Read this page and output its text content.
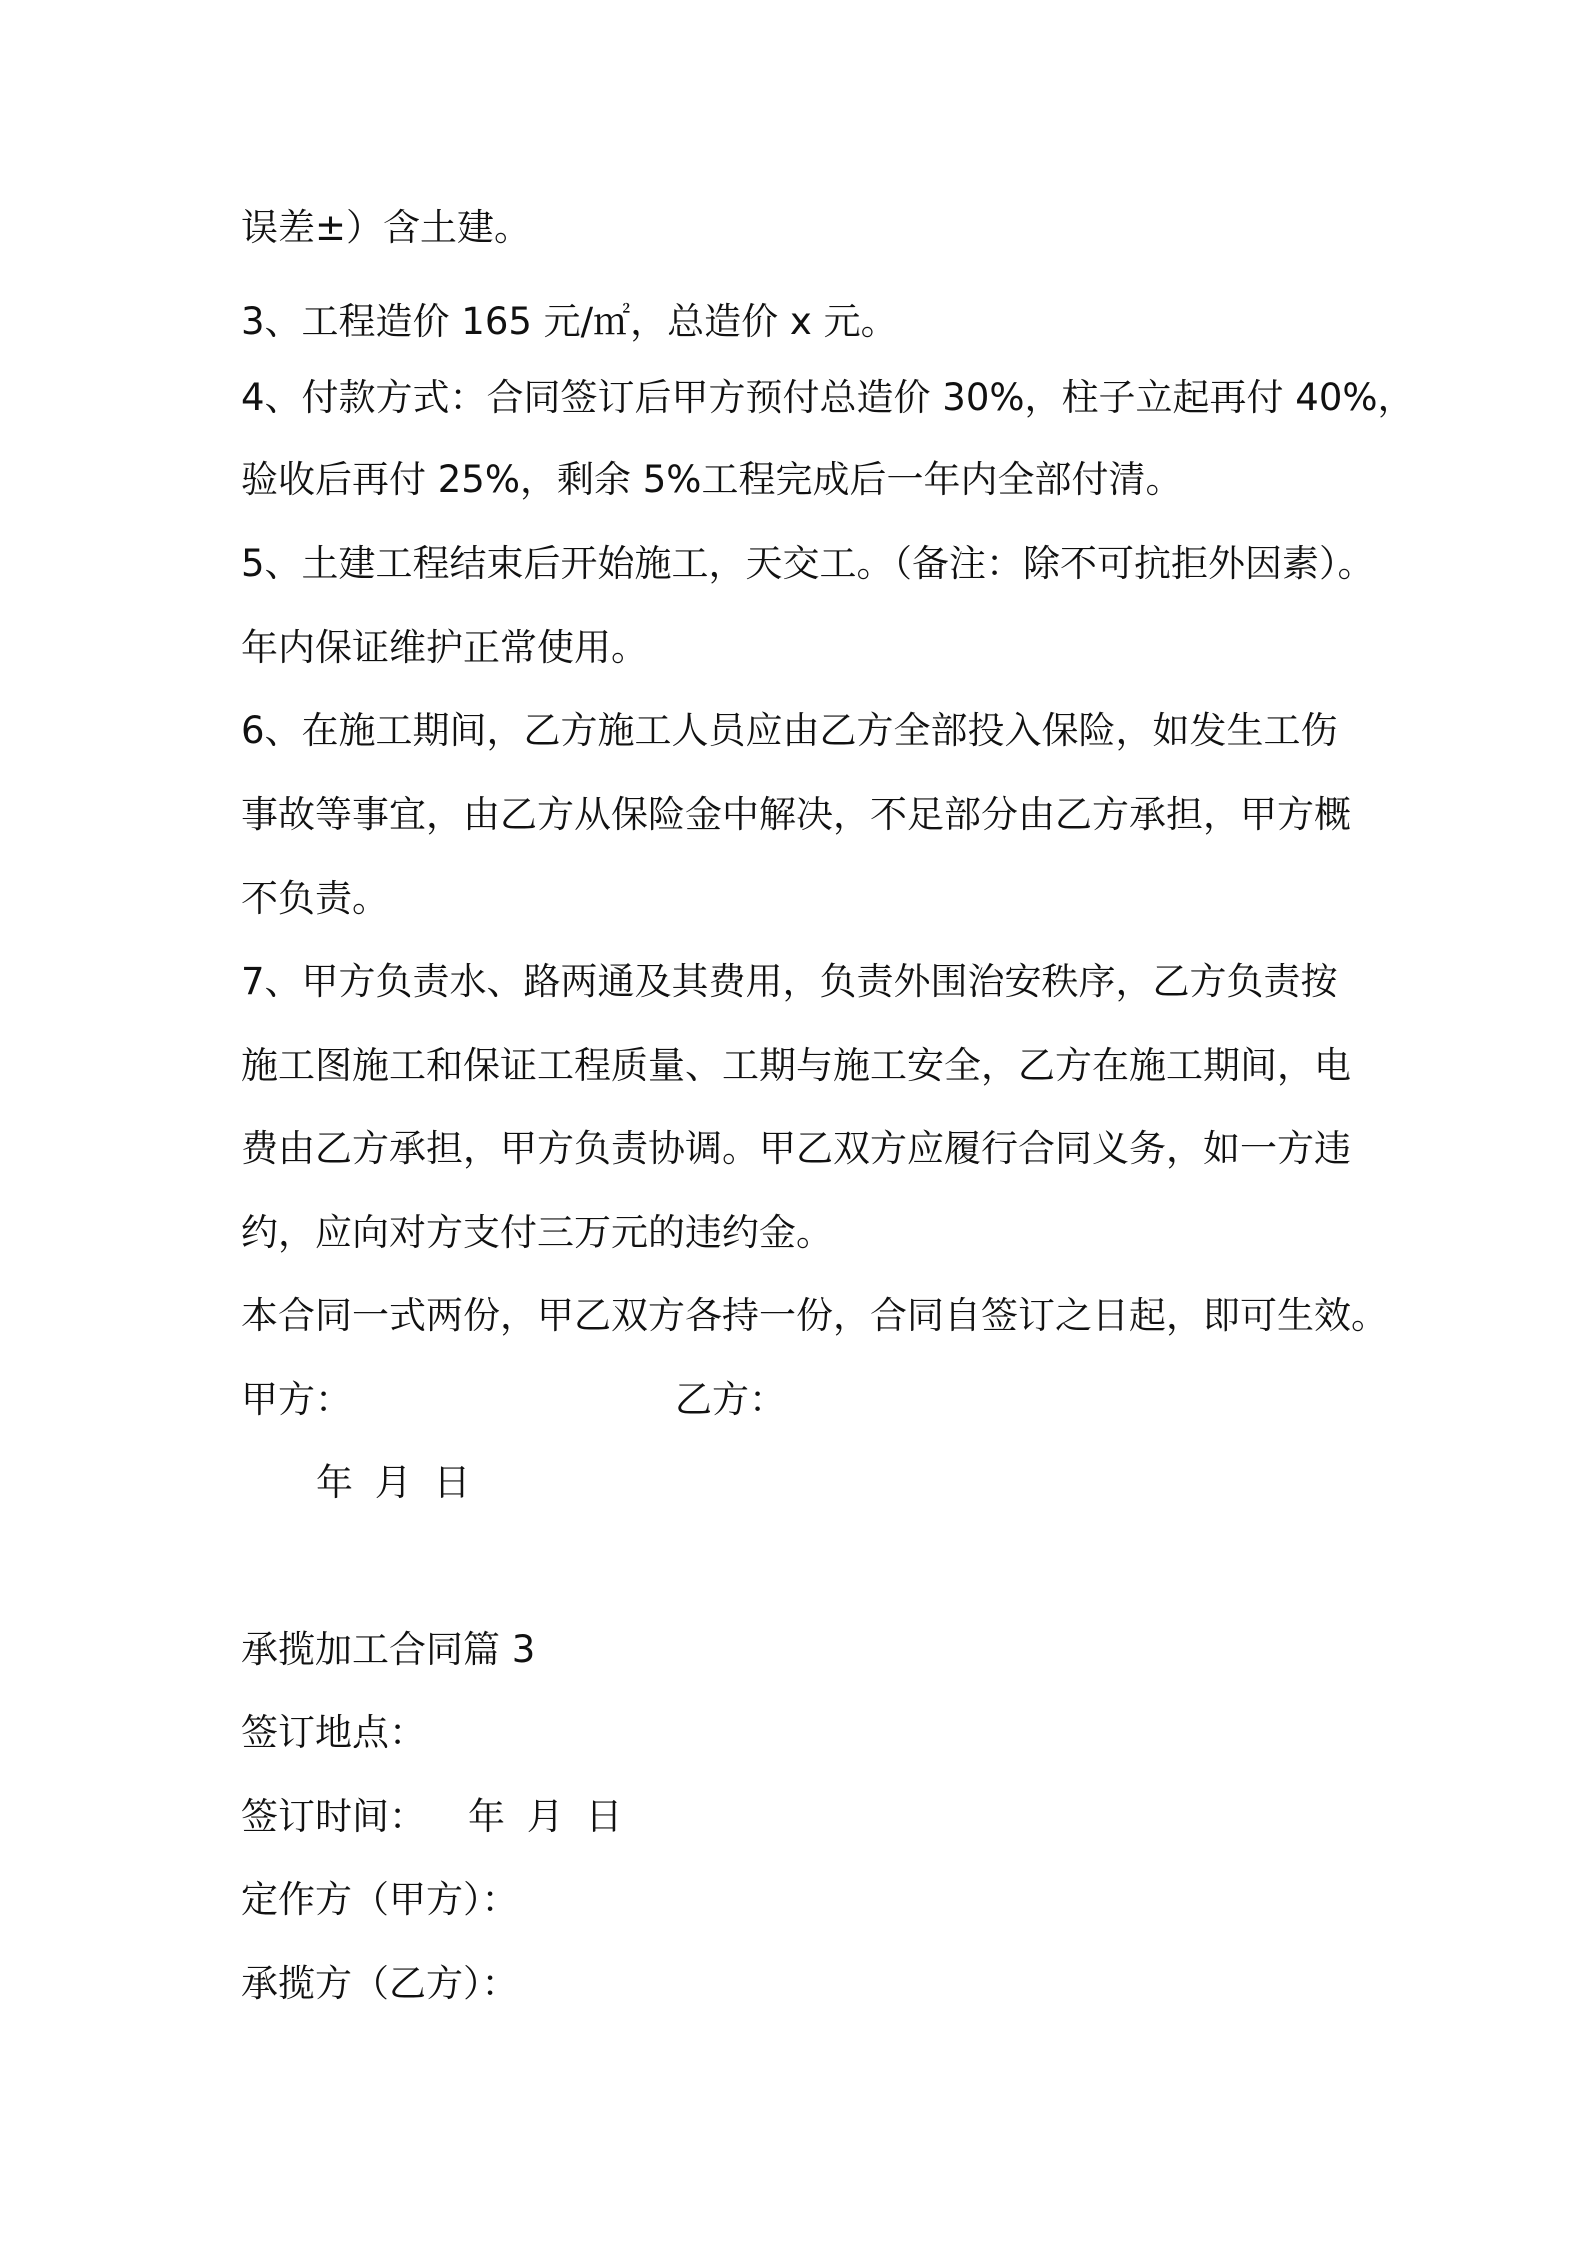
误差±）含土建。
3、工程造价 165 元/㎡，总造价 x 元。
4、付款方式：合同签订后甲方预付总造价 30%，柱子立起再付 40%，
验收后再付 25%，剩余 5%工程完成后一年内全部付清。
5、土建工程结束后开始施工，天交工。（备注：除不可抗拒外因素）。
年内保证维护正常使用。
6、在施工期间，乙方施工人员应由乙方全部投入保险，如发生工伤
事故等事宜，由乙方从保险金中解决，不足部分由乙方承担，甲方概
不负责。
7、甲方负责水、路两通及其费用，负责外围治安秩序，乙方负责按
施工图施工和保证工程质量、工期与施工安全，乙方在施工期间，电
费由乙方承担，甲方负责协调。甲乙双方应履行合同义务，如一方违
约，应向对方支付三万元的违约金。
本合同一式两份，甲乙双方各持一份，合同自签订之日起，即可生效。
甲方：	乙方：
年 月 日
承揽加工合同篇 3
签订地点：
签订时间： 年 月 日
定作方（甲方）：
承揽方（乙方）：
